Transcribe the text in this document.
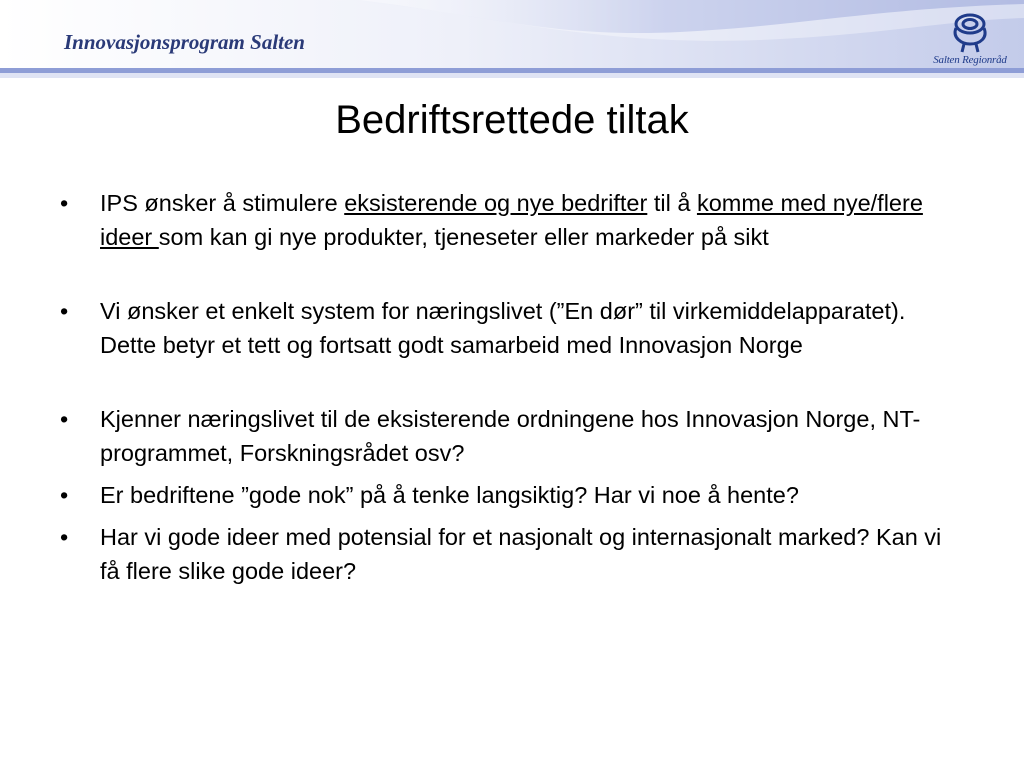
Innovasjonsprogram Salten
Salten Regionråd
Bedriftsrettede tiltak
• IPS ønsker å stimulere eksisterende og nye bedrifter til å komme med nye/flere ideer som kan gi nye produkter, tjeneseter eller markeder på sikt
• Vi ønsker et enkelt system for næringslivet (”En dør” til virkemiddelapparatet). Dette betyr et tett og fortsatt godt samarbeid med Innovasjon Norge
• Kjenner næringslivet til de eksisterende ordningene hos Innovasjon Norge, NT-programmet, Forskningsrådet osv?
• Er bedriftene ”gode nok” på å tenke langsiktig? Har vi noe å hente?
• Har vi gode ideer med potensial for et nasjonalt og internasjonalt marked? Kan vi få flere slike gode ideer?
